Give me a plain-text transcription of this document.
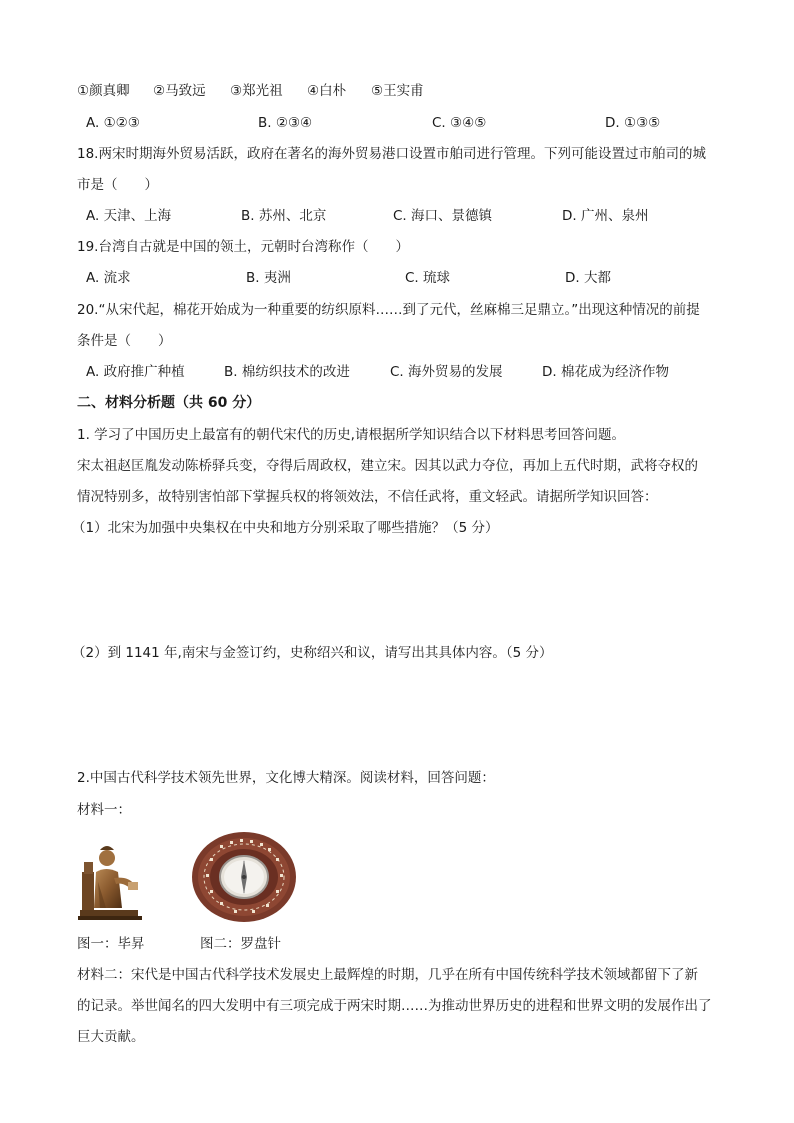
①颜真卿 ②马致远 ③郑光祖 ④白朴 ⑤王实甫
A. ①②③	B. ②③④	C. ③④⑤	D. ①③⑤
18.两宋时期海外贸易活跃，政府在著名的海外贸易港口设置市舶司进行管理。下列可能设置过市舶司的城
市是（　　）
A. 天津、上海	B. 苏州、北京	C. 海口、景德镇	D. 广州、泉州
19.台湾自古就是中国的领土，元朝时台湾称作（　　）
A. 流求	B. 夷洲	C. 琉球	D. 大都
20.“从宋代起，棉花开始成为一种重要的纺织原料……到了元代，丝麻棉三足鼎立。”出现这种情况的前提
条件是（　　）
A. 政府推广种植	B. 棉纺织技术的改进	C. 海外贸易的发展	D. 棉花成为经济作物
二、材料分析题（共 60 分）
1. 学习了中国历史上最富有的朝代宋代的历史,请根据所学知识结合以下材料思考回答问题。
宋太祖赵匡胤发动陈桥驿兵变，夺得后周政权，建立宋。因其以武力夺位，再加上五代时期，武将夺权的
情况特别多，故特别害怕部下掌握兵权的将领效法，不信任武将，重文轻武。请据所学知识回答：
（1）北宋为加强中央集权在中央和地方分别采取了哪些措施？（5 分）
（2）到 1141 年,南宋与金签订约，史称绍兴和议，请写出其具体内容。（5 分）
2.中国古代科学技术领先世界，文化博大精深。阅读材料，回答问题：
材料一：
图一：毕昇	图二：罗盘针
材料二：宋代是中国古代科学技术发展史上最辉煌的时期，几乎在所有中国传统科学技术领域都留下了新
的记录。举世闻名的四大发明中有三项完成于两宋时期……为推动世界历史的进程和世界文明的发展作出了
巨大贡献。
